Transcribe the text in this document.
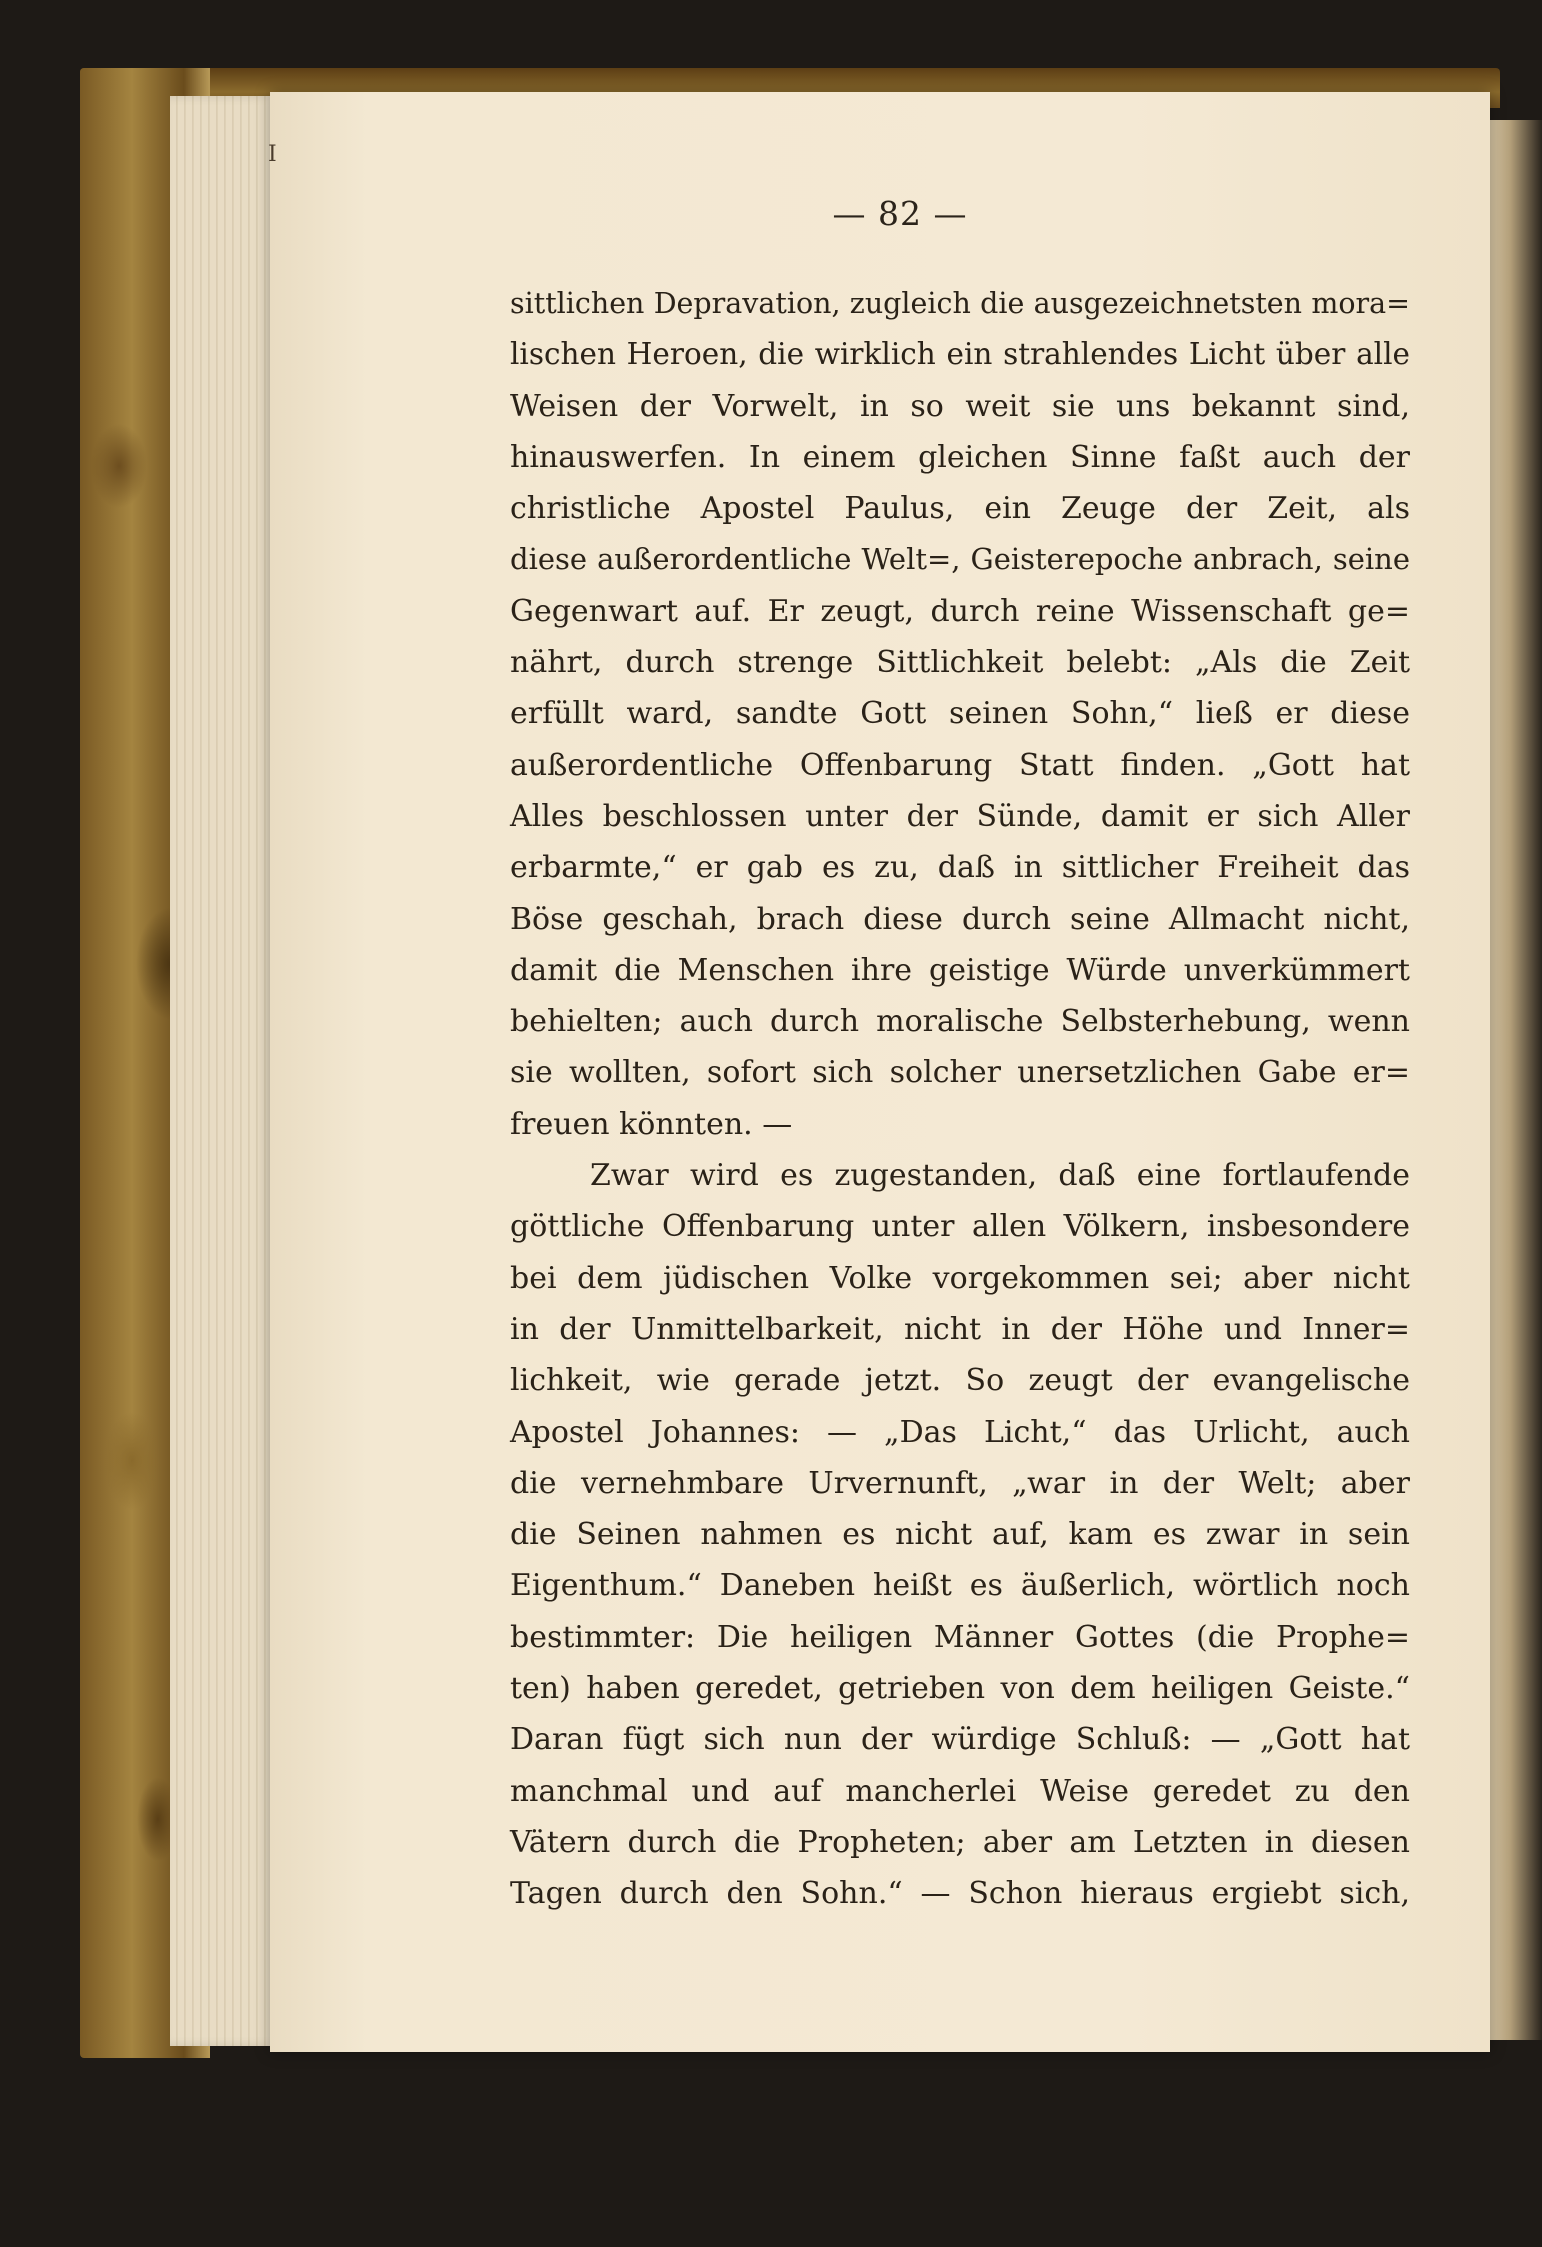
I
— 82 —
sittlichen Depravation, zugleich die ausgezeichnetsten mora=
lischen Heroen, die wirklich ein strahlendes Licht über alle
Weisen der Vorwelt, in so weit sie uns bekannt sind,
hinauswerfen. In einem gleichen Sinne faßt auch der
christliche Apostel Paulus, ein Zeuge der Zeit, als
diese außerordentliche Welt=, Geisterepoche anbrach, seine
Gegenwart auf. Er zeugt, durch reine Wissenschaft ge=
nährt, durch strenge Sittlichkeit belebt: „Als die Zeit
erfüllt ward, sandte Gott seinen Sohn,“ ließ er diese
außerordentliche Offenbarung Statt finden. „Gott hat
Alles beschlossen unter der Sünde, damit er sich Aller
erbarmte,“ er gab es zu, daß in sittlicher Freiheit das
Böse geschah, brach diese durch seine Allmacht nicht,
damit die Menschen ihre geistige Würde unverkümmert
behielten; auch durch moralische Selbsterhebung, wenn
sie wollten, sofort sich solcher unersetzlichen Gabe er=
freuen könnten. —
Zwar wird es zugestanden, daß eine fortlaufende
göttliche Offenbarung unter allen Völkern, insbesondere
bei dem jüdischen Volke vorgekommen sei; aber nicht
in der Unmittelbarkeit, nicht in der Höhe und Inner=
lichkeit, wie gerade jetzt. So zeugt der evangelische
Apostel Johannes: — „Das Licht,“ das Urlicht, auch
die vernehmbare Urvernunft, „war in der Welt; aber
die Seinen nahmen es nicht auf, kam es zwar in sein
Eigenthum.“ Daneben heißt es äußerlich, wörtlich noch
bestimmter: Die heiligen Männer Gottes (die Prophe=
ten) haben geredet, getrieben von dem heiligen Geiste.“
Daran fügt sich nun der würdige Schluß: — „Gott hat
manchmal und auf mancherlei Weise geredet zu den
Vätern durch die Propheten; aber am Letzten in diesen
Tagen durch den Sohn.“ — Schon hieraus ergiebt sich,
